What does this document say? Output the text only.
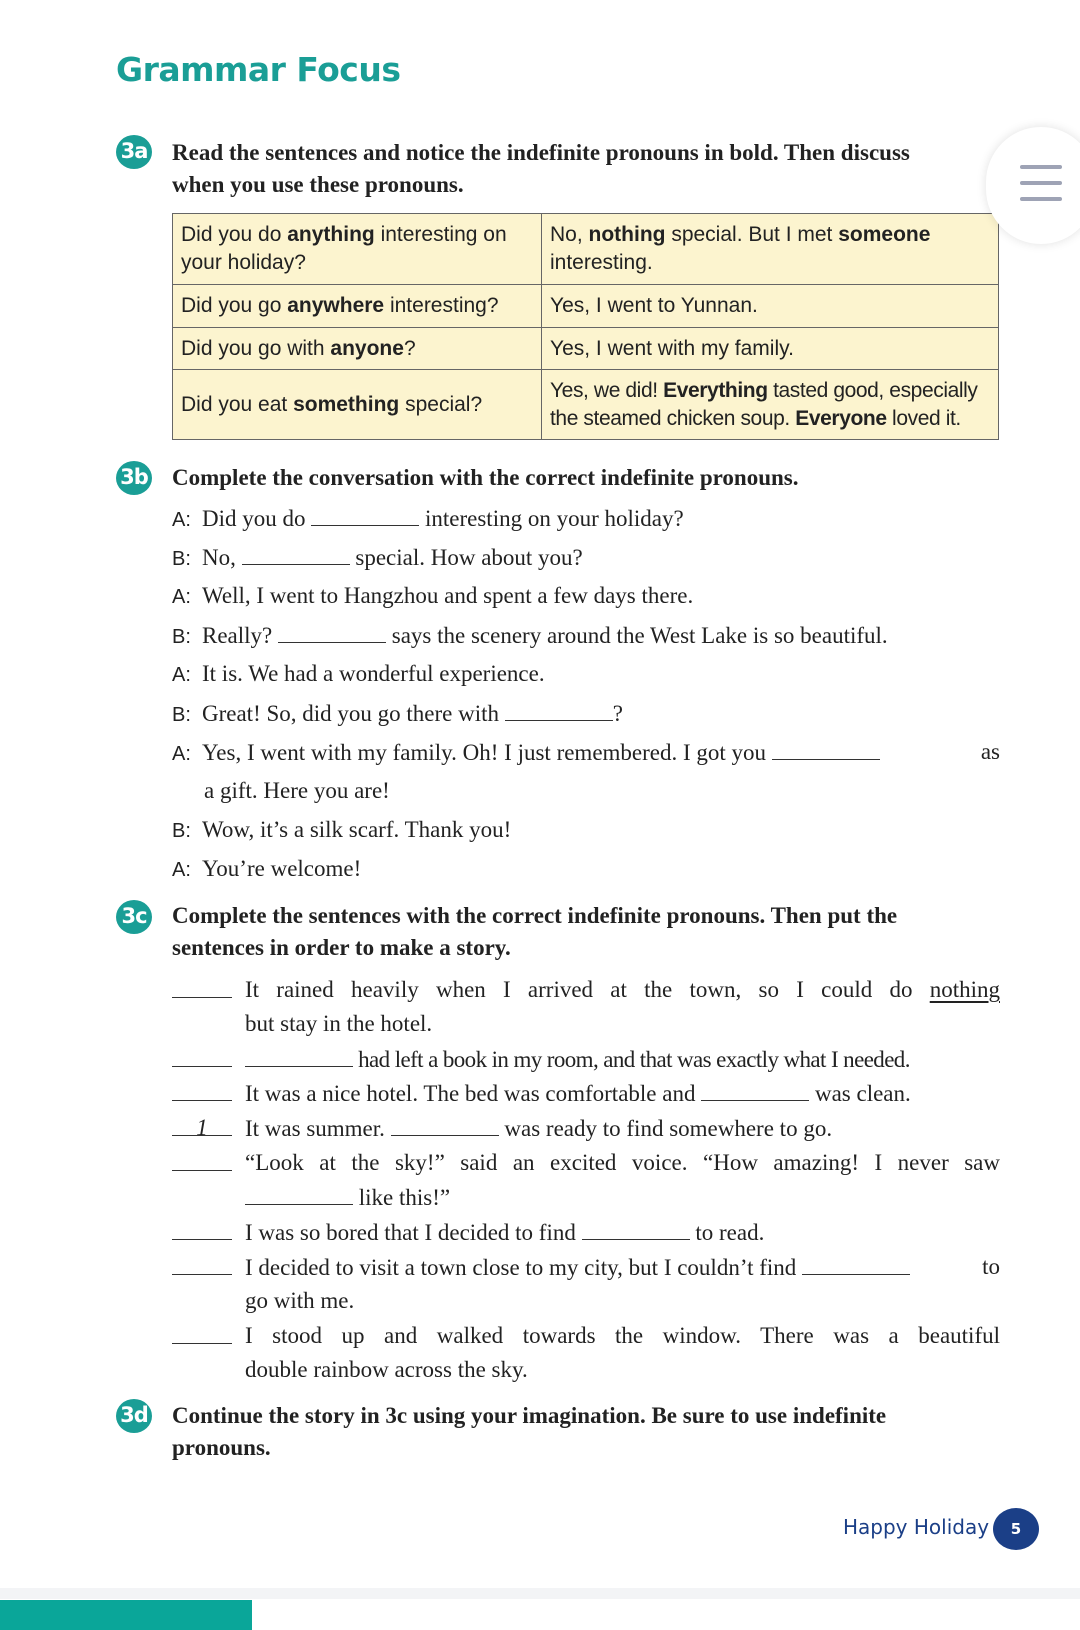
Grammar Focus
3a Read the sentences and notice the indefinite pronouns in bold. Then discuss
when you use these pronouns.
Did you do anything interesting on your holiday?	No, nothing special. But I met someone interesting.
Did you go anywhere interesting?	Yes, I went to Yunnan.
Did you go with anyone?	Yes, I went with my family.
Did you eat something special?	Yes, we did! Everything tasted good, especially the steamed chicken soup. Everyone loved it.
3b Complete the conversation with the correct indefinite pronouns.
A: Did you do	interesting on your holiday?
B: No,	special. How about you?
A: Well, I went to Hangzhou and spent a few days there.
B: Really?	says the scenery around the West Lake is so beautiful.
A: It is. We had a wonderful experience.
B: Great! So, did you go there with	?
A: Yes, I went with my family. Oh! I just remembered. I got you	as
a gift. Here you are!
B: Wow, it’s a silk scarf. Thank you!
A: You’re welcome!
3c Complete the sentences with the correct indefinite pronouns. Then put the
sentences in order to make a story.
It rained heavily when I arrived at the town, so I could do nothing
but stay in the hotel.
had left a book in my room, and that was exactly what I needed.
It was a nice hotel. The bed was comfortable and	was clean.
1	It was summer.	was ready to find somewhere to go.
“Look at the sky!” said an excited voice. “How amazing! I never saw
like this!”
I was so bored that I decided to find	to read.
I decided to visit a town close to my city, but I couldn’t find	to
go with me.
I stood up and walked towards the window. There was a beautiful
double rainbow across the sky.
3d Continue the story in 3c using your imagination. Be sure to use indefinite
pronouns.
Happy Holiday	5
